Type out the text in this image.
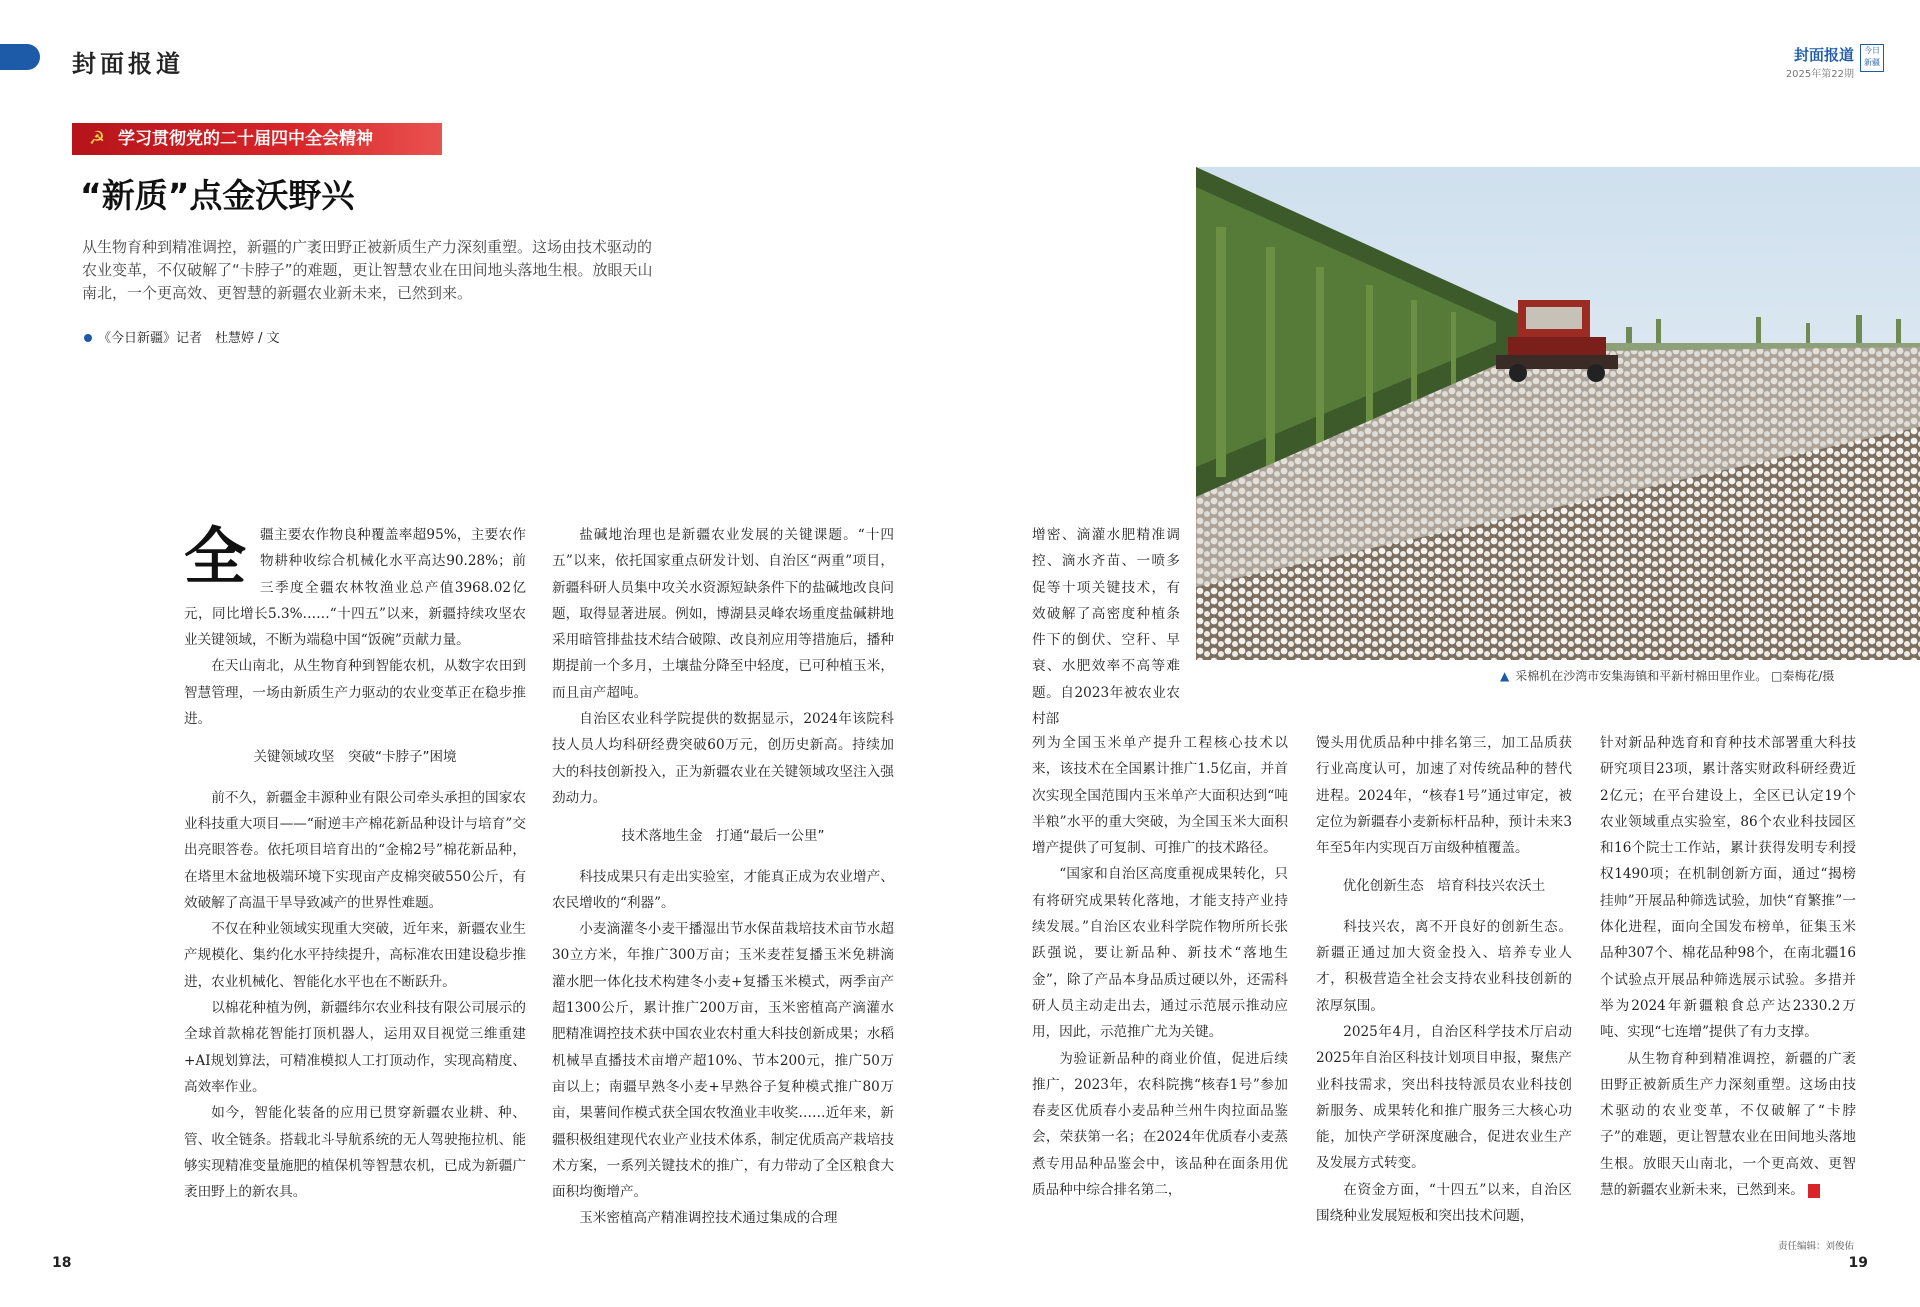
封面报道	封面报道
2025年第22期
今日新疆
☭ 学习贯彻党的二十届四中全会精神
“新质”点金沃野兴
从生物育种到精准调控，新疆的广袤田野正被新质生产力深刻重塑。这场由技术驱动的农业变革，不仅破解了“卡脖子”的难题，更让智慧农业在田间地头落地生根。放眼天山南北，一个更高效、更智慧的新疆农业新未来，已然到来。
《今日新疆》记者　杜慧婷 / 文
▲ 采棉机在沙湾市安集海镇和平新村棉田里作业。 □秦梅花/摄

全 疆主要农作物良种覆盖率超95%，主要农作物耕种收综合机械化水平高达90.28%；前三季度全疆农林牧渔业总产值3968.02亿元，同比增长5.3%……“十四五”以来，新疆持续攻坚农业关键领域，不断为端稳中国“饭碗”贡献力量。

在天山南北，从生物育种到智能农机，从数字农田到智慧管理，一场由新质生产力驱动的农业变革正在稳步推进。

关键领域攻坚　突破“卡脖子”困境

前不久，新疆金丰源种业有限公司牵头承担的国家农业科技重大项目——“耐逆丰产棉花新品种设计与培育”交出亮眼答卷。依托项目培育出的“金棉2号”棉花新品种，在塔里木盆地极端环境下实现亩产皮棉突破550公斤，有效破解了高温干旱导致减产的世界性难题。

不仅在种业领域实现重大突破，近年来，新疆农业生产规模化、集约化水平持续提升，高标准农田建设稳步推进，农业机械化、智能化水平也在不断跃升。

以棉花种植为例，新疆纬尔农业科技有限公司展示的全球首款棉花智能打顶机器人，运用双目视觉三维重建+AI规划算法，可精准模拟人工打顶动作，实现高精度、高效率作业。

如今，智能化装备的应用已贯穿新疆农业耕、种、管、收全链条。搭载北斗导航系统的无人驾驶拖拉机、能够实现精准变量施肥的植保机等智慧农机，已成为新疆广袤田野上的新农具。

盐碱地治理也是新疆农业发展的关键课题。“十四五”以来，依托国家重点研发计划、自治区“两重”项目，新疆科研人员集中攻关水资源短缺条件下的盐碱地改良问题，取得显著进展。例如，博湖县灵峰农场重度盐碱耕地采用暗管排盐技术结合破隙、改良剂应用等措施后，播种期提前一个多月，土壤盐分降至中轻度，已可种植玉米，而且亩产超吨。

自治区农业科学院提供的数据显示，2024年该院科技人员人均科研经费突破60万元，创历史新高。持续加大的科技创新投入，正为新疆农业在关键领域攻坚注入强劲动力。

技术落地生金　打通“最后一公里”

科技成果只有走出实验室，才能真正成为农业增产、农民增收的“利器”。

小麦滴灌冬小麦干播湿出节水保苗栽培技术亩节水超30立方米，年推广300万亩；玉米麦茬复播玉米免耕滴灌水肥一体化技术构建冬小麦+复播玉米模式，两季亩产超1300公斤，累计推广200万亩，玉米密植高产滴灌水肥精准调控技术获中国农业农村重大科技创新成果；水稻机械旱直播技术亩增产超10%、节本200元，推广50万亩以上；南疆早熟冬小麦+早熟谷子复种模式推广80万亩，果薯间作模式获全国农牧渔业丰收奖……近年来，新疆积极组建现代农业产业技术体系，制定优质高产栽培技术方案，一系列关键技术的推广，有力带动了全区粮食大面积均衡增产。

玉米密植高产精准调控技术通过集成的合理

增密、滴灌水肥精准调控、滴水齐苗、一喷多促等十项关键技术，有效破解了高密度种植条件下的倒伏、空秆、早衰、水肥效率不高等难题。自2023年被农业农村部

列为全国玉米单产提升工程核心技术以来，该技术在全国累计推广1.5亿亩，并首次实现全国范围内玉米单产大面积达到“吨半粮”水平的重大突破，为全国玉米大面积增产提供了可复制、可推广的技术路径。

“国家和自治区高度重视成果转化，只有将研究成果转化落地，才能支持产业持续发展。”自治区农业科学院作物所所长张跃强说，要让新品种、新技术“落地生金”，除了产品本身品质过硬以外，还需科研人员主动走出去，通过示范展示推动应用，因此，示范推广尤为关键。

为验证新品种的商业价值，促进后续推广，2023年，农科院携“核春1号”参加春麦区优质春小麦品种兰州牛肉拉面品鉴会，荣获第一名；在2024年优质春小麦蒸煮专用品种品鉴会中，该品种在面条用优质品种中综合排名第二，

馒头用优质品种中排名第三，加工品质获行业高度认可，加速了对传统品种的替代进程。2024年，“核春1号”通过审定，被定位为新疆春小麦新标杆品种，预计未来3年至5年内实现百万亩级种植覆盖。

优化创新生态　培育科技兴农沃土

科技兴农，离不开良好的创新生态。新疆正通过加大资金投入、培养专业人才，积极营造全社会支持农业科技创新的浓厚氛围。

2025年4月，自治区科学技术厅启动2025年自治区科技计划项目申报，聚焦产业科技需求，突出科技特派员农业科技创新服务、成果转化和推广服务三大核心功能，加快产学研深度融合，促进农业生产及发展方式转变。

在资金方面，“十四五”以来，自治区围绕种业发展短板和突出技术问题，

针对新品种选育和育种技术部署重大科技研究项目23项，累计落实财政科研经费近2亿元；在平台建设上，全区已认定19个农业领域重点实验室，86个农业科技园区和16个院士工作站，累计获得发明专利授权1490项；在机制创新方面，通过“揭榜挂帅”开展品种筛选试验，加快“育繁推”一体化进程，面向全国发布榜单，征集玉米品种307个、棉花品种98个，在南北疆16个试验点开展品种筛选展示试验。多措并举为2024年新疆粮食总产达2330.2万吨、实现“七连增”提供了有力支撑。

从生物育种到精准调控，新疆的广袤田野正被新质生产力深刻重塑。这场由技术驱动的农业变革，不仅破解了“卡脖子”的难题，更让智慧农业在田间地头落地生根。放眼天山南北，一个更高效、更智慧的新疆农业新未来，已然到来。	J

18
责任编辑：刘俊佑
19
